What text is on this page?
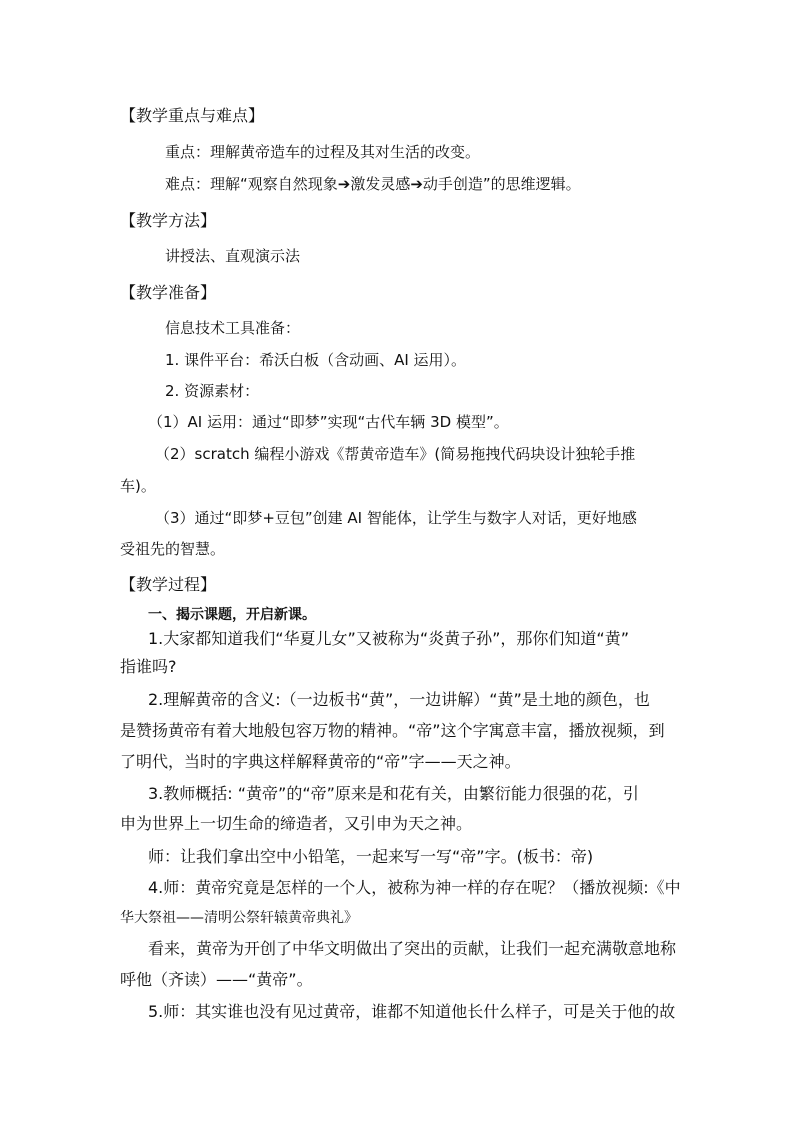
【教学重点与难点】
重点：理解黄帝造车的过程及其对生活的改变。
难点：理解“观察自然现象➔激发灵感➔动手创造”的思维逻辑。
【教学方法】
讲授法、直观演示法
【教学准备】
信息技术工具准备：
1. 课件平台：希沃白板（含动画、AI 运用）。
2. 资源素材：
（1）AI 运用：通过“即梦”实现“古代车辆 3D 模型”。
（2）scratch 编程小游戏《帮黄帝造车》(简易拖拽代码块设计独轮手推
车)。
（3）通过“即梦+豆包”创建 AI 智能体，让学生与数字人对话，更好地感
受祖先的智慧。
【教学过程】
一、揭示课题，开启新课。
1.大家都知道我们“华夏儿女”又被称为“炎黄子孙”，那你们知道“黄”
指谁吗?
2.理解黄帝的含义:（一边板书“黄”，一边讲解）“黄”是土地的颜色，也
是赞扬黄帝有着大地般包容万物的精神。“帝”这个字寓意丰富，播放视频，到
了明代，当时的字典这样解释黄帝的“帝”字——天之神。
3.教师概括: “黄帝”的“帝”原来是和花有关，由繁衍能力很强的花，引
申为世界上一切生命的缔造者，又引申为天之神。
师：让我们拿出空中小铅笔，一起来写一写“帝”字。(板书：帝)
4.师：黄帝究竟是怎样的一个人，被称为神一样的存在呢？（播放视频:《中
华大祭祖——清明公祭轩辕黄帝典礼》
看来，黄帝为开创了中华文明做出了突出的贡献，让我们一起充满敬意地称
呼他（齐读）——“黄帝”。
5.师：其实谁也没有见过黄帝，谁都不知道他长什么样子，可是关于他的故
